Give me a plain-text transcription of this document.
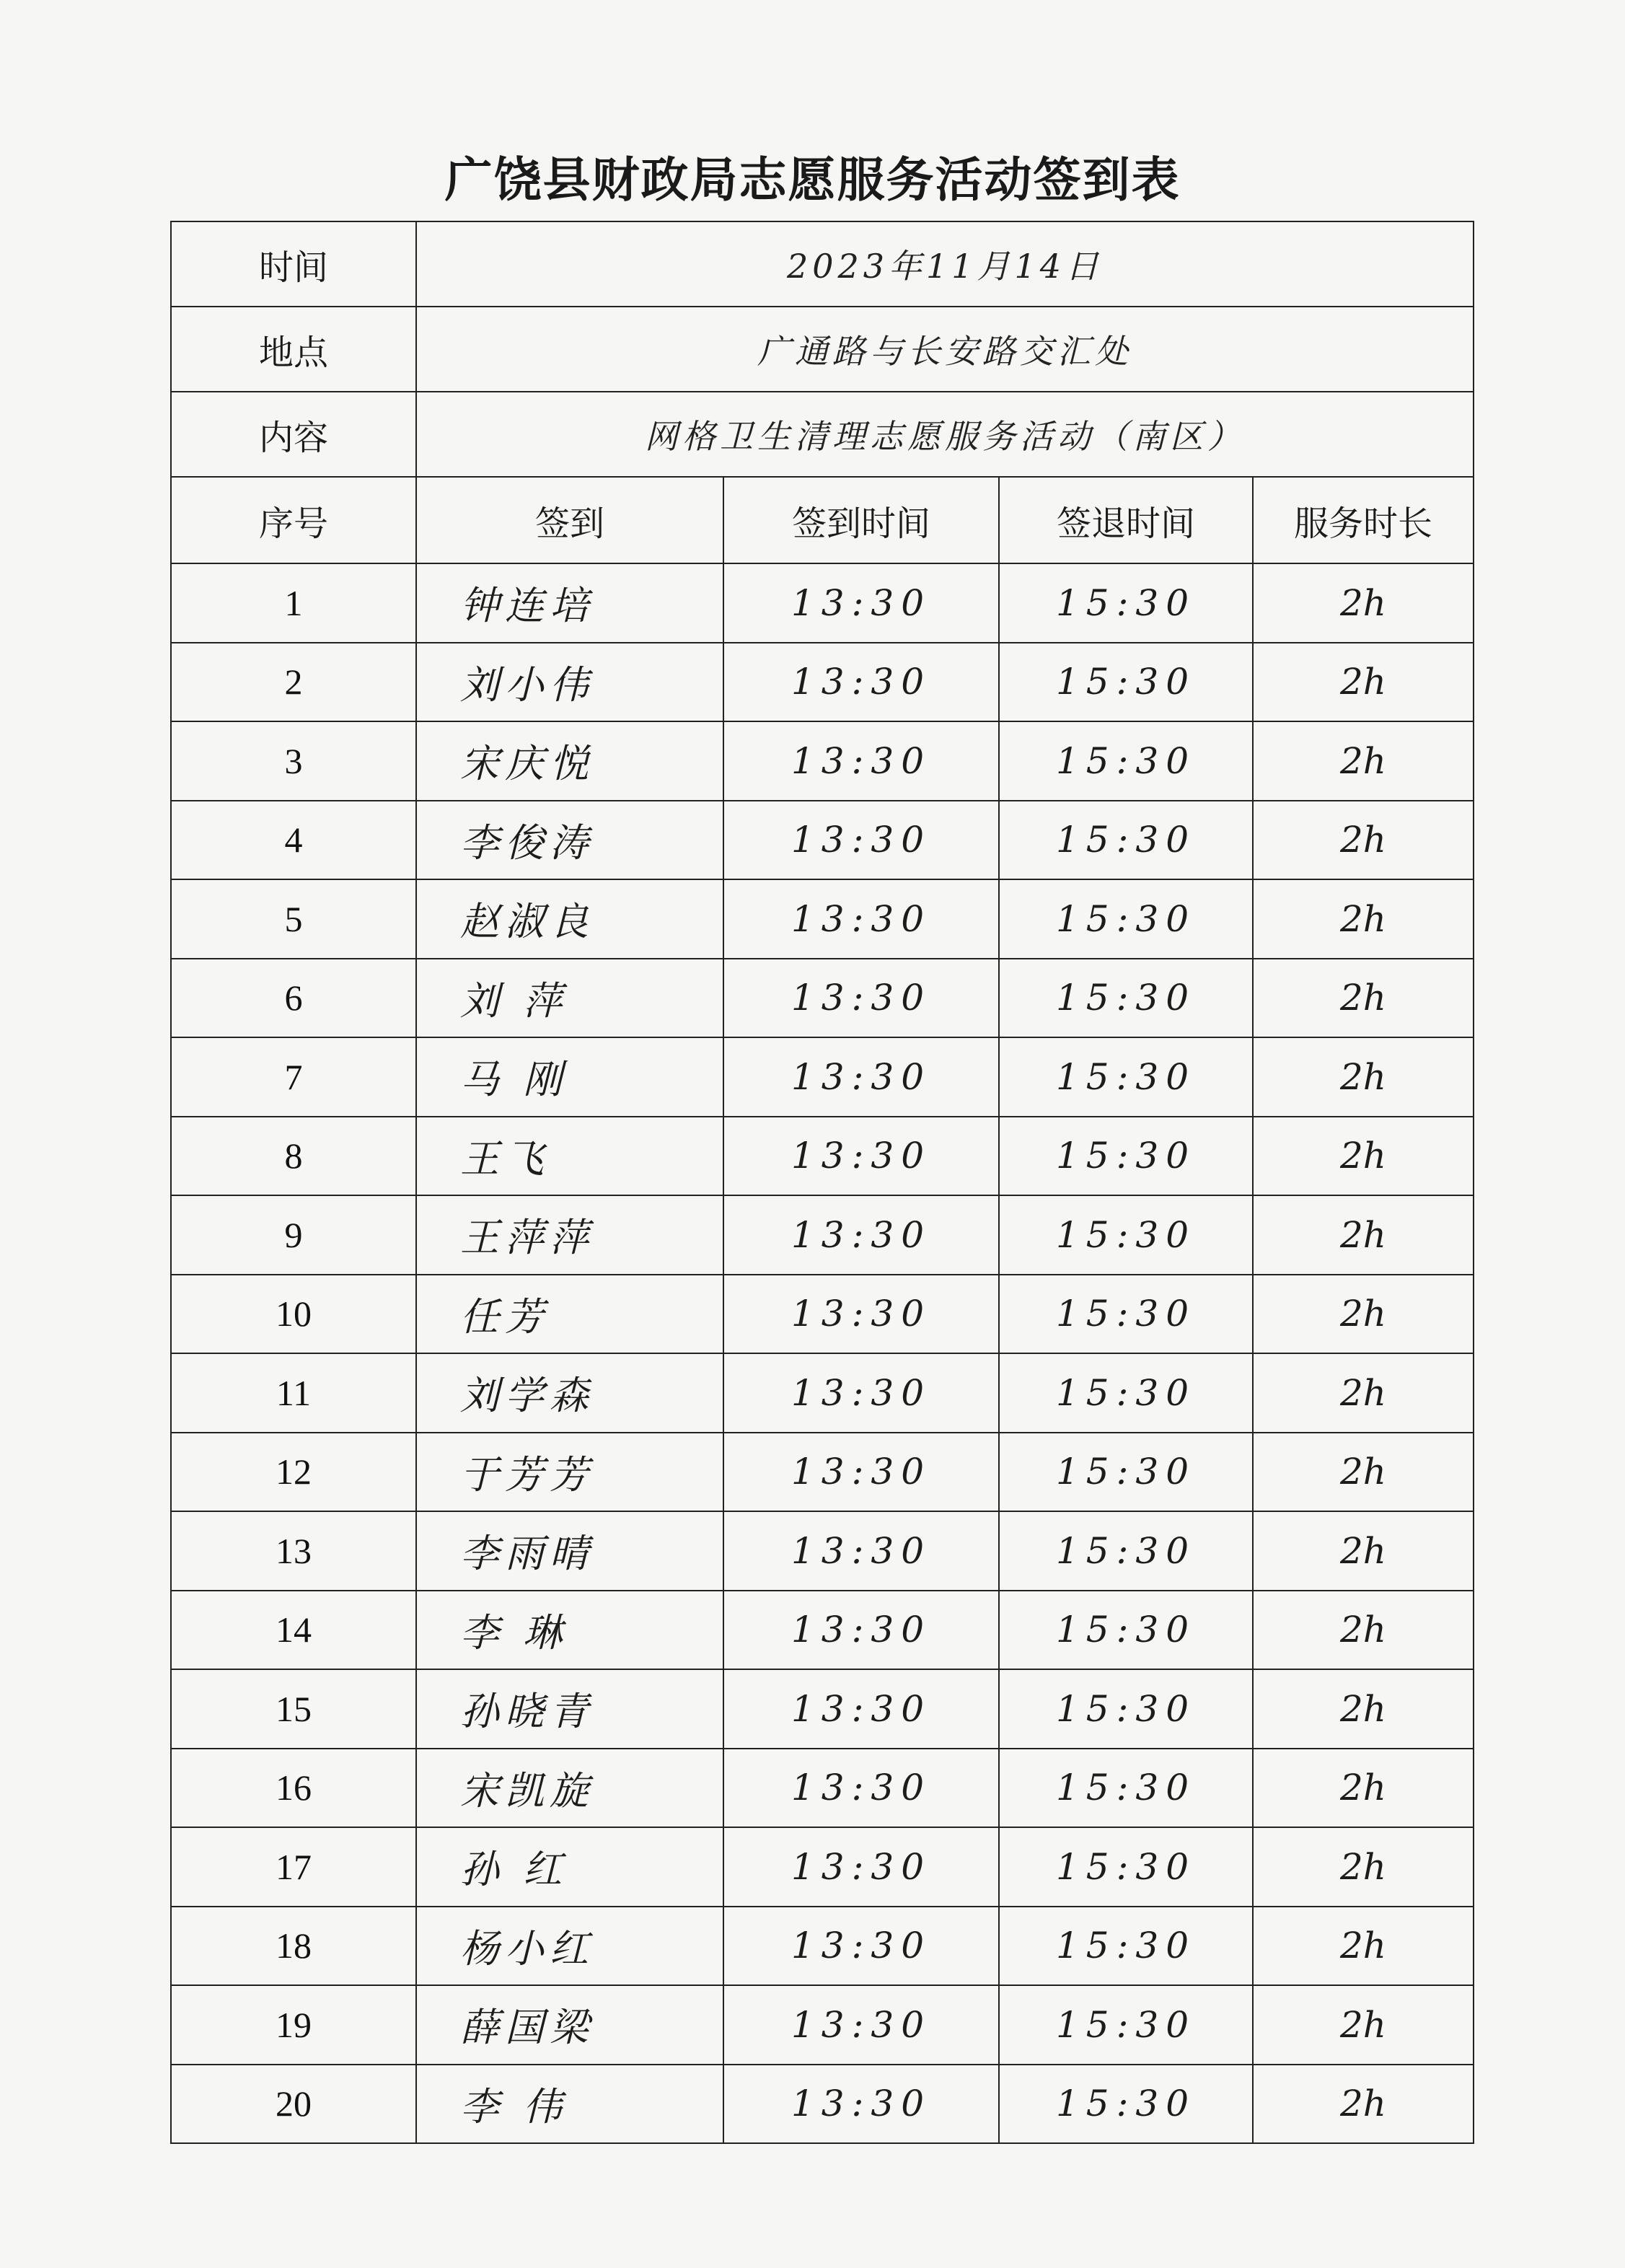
广饶县财政局志愿服务活动签到表
时间	2023年11月14日			
地点	广通路与长安路交汇处			
内容	网格卫生清理志愿服务活动（南区）			
序号	签到	签到时间	签退时间	服务时长
1	钟连培	13:30	15:30	2h
2	刘小伟	13:30	15:30	2h
3	宋庆悦	13:30	15:30	2h
4	李俊涛	13:30	15:30	2h
5	赵淑良	13:30	15:30	2h
6	刘 萍	13:30	15:30	2h
7	马 刚	13:30	15:30	2h
8	王飞	13:30	15:30	2h
9	王萍萍	13:30	15:30	2h
10	任芳	13:30	15:30	2h
11	刘学森	13:30	15:30	2h
12	于芳芳	13:30	15:30	2h
13	李雨晴	13:30	15:30	2h
14	李 琳	13:30	15:30	2h
15	孙晓青	13:30	15:30	2h
16	宋凯旋	13:30	15:30	2h
17	孙 红	13:30	15:30	2h
18	杨小红	13:30	15:30	2h
19	薛国梁	13:30	15:30	2h
20	李 伟	13:30	15:30	2h
